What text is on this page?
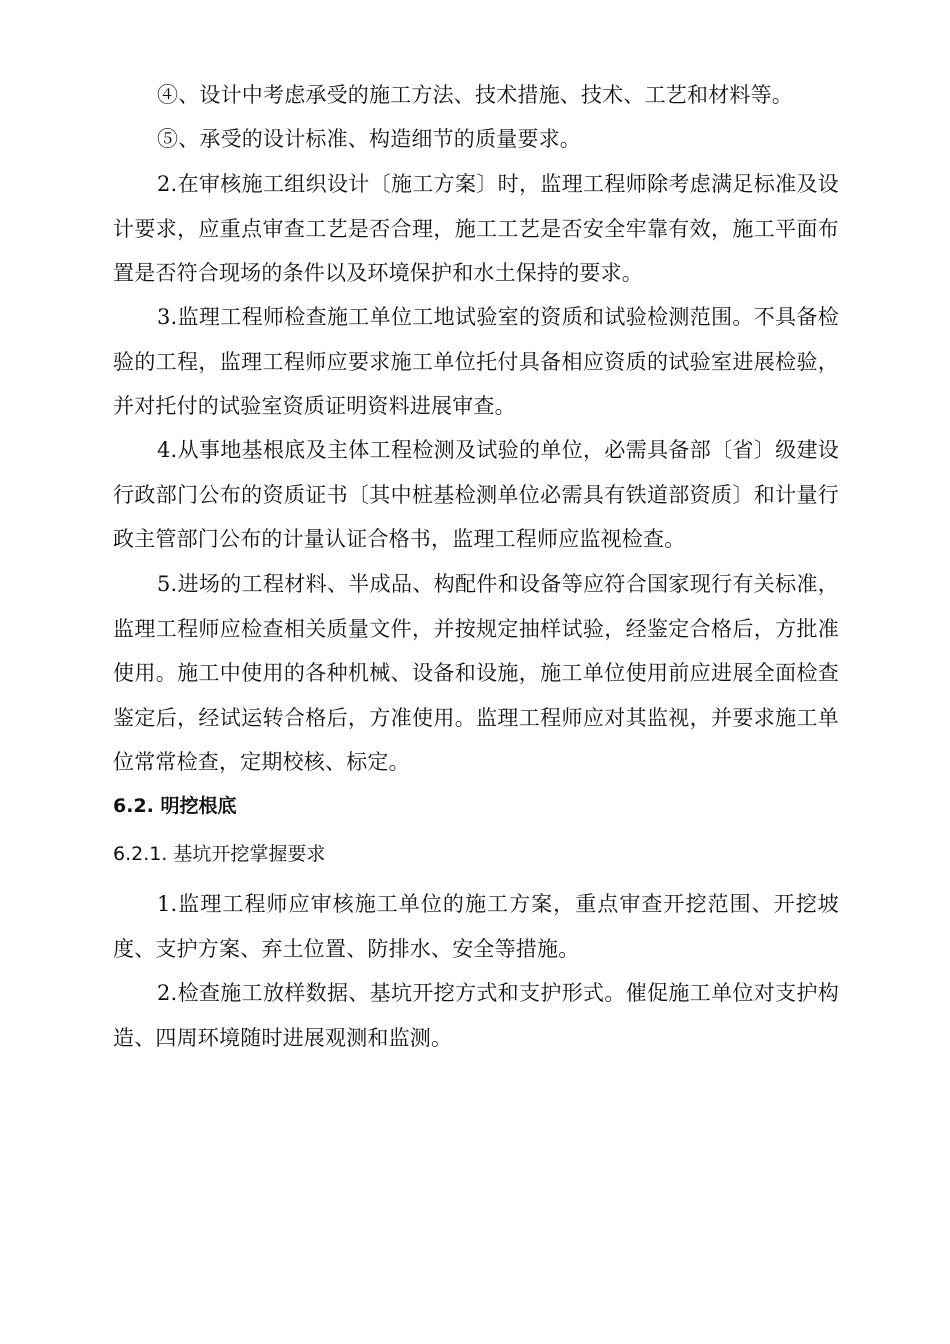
④、设计中考虑承受的施工方法、技术措施、技术、工艺和材料等。

⑤、承受的设计标准、构造细节的质量要求。

2.在审核施工组织设计〔施工方案〕时，监理工程师除考虑满足标准及设计要求，应重点审查工艺是否合理，施工工艺是否安全牢靠有效，施工平面布置是否符合现场的条件以及环境保护和水土保持的要求。

3.监理工程师检查施工单位工地试验室的资质和试验检测范围。不具备检验的工程，监理工程师应要求施工单位托付具备相应资质的试验室进展检验，并对托付的试验室资质证明资料进展审查。

4.从事地基根底及主体工程检测及试验的单位，必需具备部〔省〕级建设行政部门公布的资质证书〔其中桩基检测单位必需具有铁道部资质〕和计量行政主管部门公布的计量认证合格书，监理工程师应监视检查。

5.进场的工程材料、半成品、构配件和设备等应符合国家现行有关标准，监理工程师应检查相关质量文件，并按规定抽样试验，经鉴定合格后，方批准使用。施工中使用的各种机械、设备和设施，施工单位使用前应进展全面检查鉴定后，经试运转合格后，方准使用。监理工程师应对其监视，并要求施工单位常常检查，定期校核、标定。

6.2. 明挖根底
6.2.1. 基坑开挖掌握要求

1.监理工程师应审核施工单位的施工方案，重点审查开挖范围、开挖坡度、支护方案、弃土位置、防排水、安全等措施。

2.检查施工放样数据、基坑开挖方式和支护形式。催促施工单位对支护构造、四周环境随时进展观测和监测。
